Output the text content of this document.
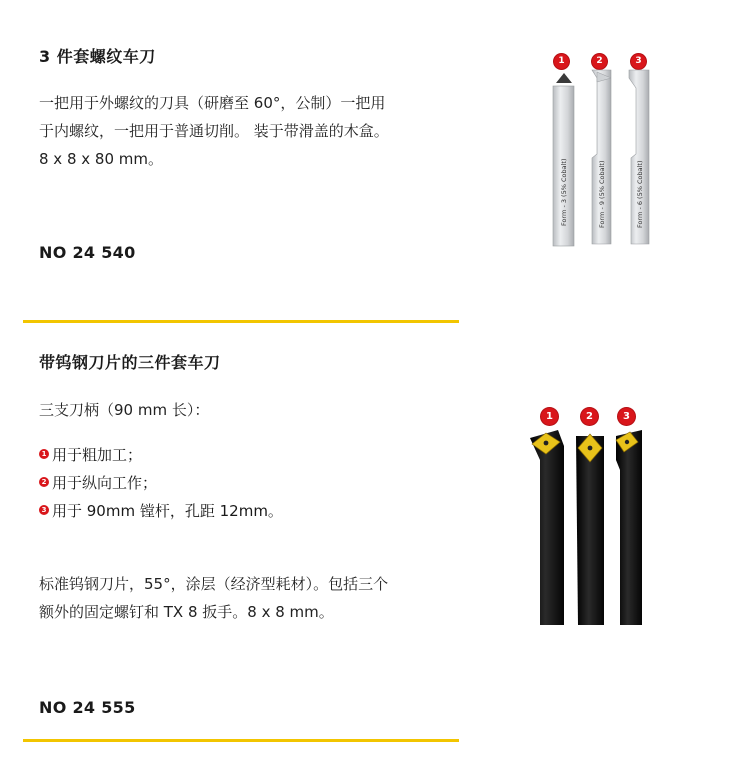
3 件套螺纹车刀
一把用于外螺纹的刀具（研磨至 60°，公制）一把用
于内螺纹，一把用于普通切削。 装于带滑盖的木盒。
8 x 8 x 80 mm。
NO 24 540
1	2	3
Form - 3 (5% Cobalt)	Form - 9 (5% Cobalt)	Form - 6 (5% Cobalt)
带钨钢刀片的三件套车刀
三支刀柄（90 mm 长）：
1 用于粗加工；
2 用于纵向工作；
3 用于 90mm 镗杆，孔距 12mm。
标准钨钢刀片，55°，涂层（经济型耗材）。包括三个
额外的固定螺钉和 TX 8 扳手。8 x 8 mm。
NO 24 555
1	2	3
